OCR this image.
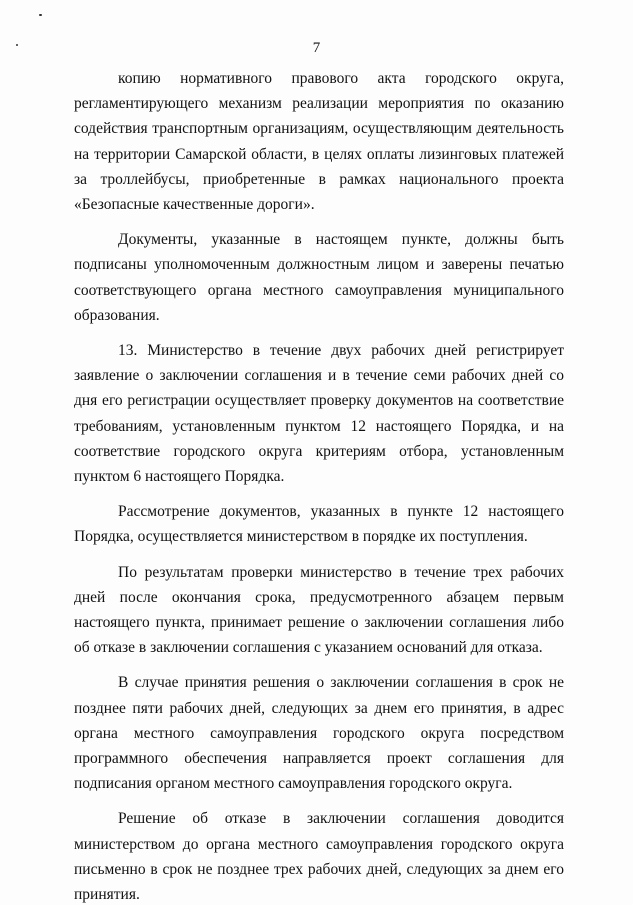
7

копию нормативного правового акта городского округа, регламентирующего механизм реализации мероприятия по оказанию содействия транспортным организациям, осуществляющим деятельность на территории Самарской области, в целях оплаты лизинговых платежей за троллейбусы, приобретенные в рамках национального проекта «Безопасные качественные дороги».

Документы, указанные в настоящем пункте, должны быть подписаны уполномоченным должностным лицом и заверены печатью соответствующего органа местного самоуправления муниципального образования.

13. Министерство в течение двух рабочих дней регистрирует заявление о заключении соглашения и в течение семи рабочих дней со дня его регистрации осуществляет проверку документов на соответствие требованиям, установленным пунктом 12 настоящего Порядка, и на соответствие городского округа критериям отбора, установленным пунктом 6 настоящего Порядка.

Рассмотрение документов, указанных в пункте 12 настоящего Порядка, осуществляется министерством в порядке их поступления.

По результатам проверки министерство в течение трех рабочих дней после окончания срока, предусмотренного абзацем первым настоящего пункта, принимает решение о заключении соглашения либо об отказе в заключении соглашения с указанием оснований для отказа.

В случае принятия решения о заключении соглашения в срок не позднее пяти рабочих дней, следующих за днем его принятия, в адрес органа местного самоуправления городского округа посредством программного обеспечения направляется проект соглашения для подписания органом местного самоуправления городского округа.

Решение об отказе в заключении соглашения доводится министерством до органа местного самоуправления городского округа письменно в срок не позднее трех рабочих дней, следующих за днем его принятия.
